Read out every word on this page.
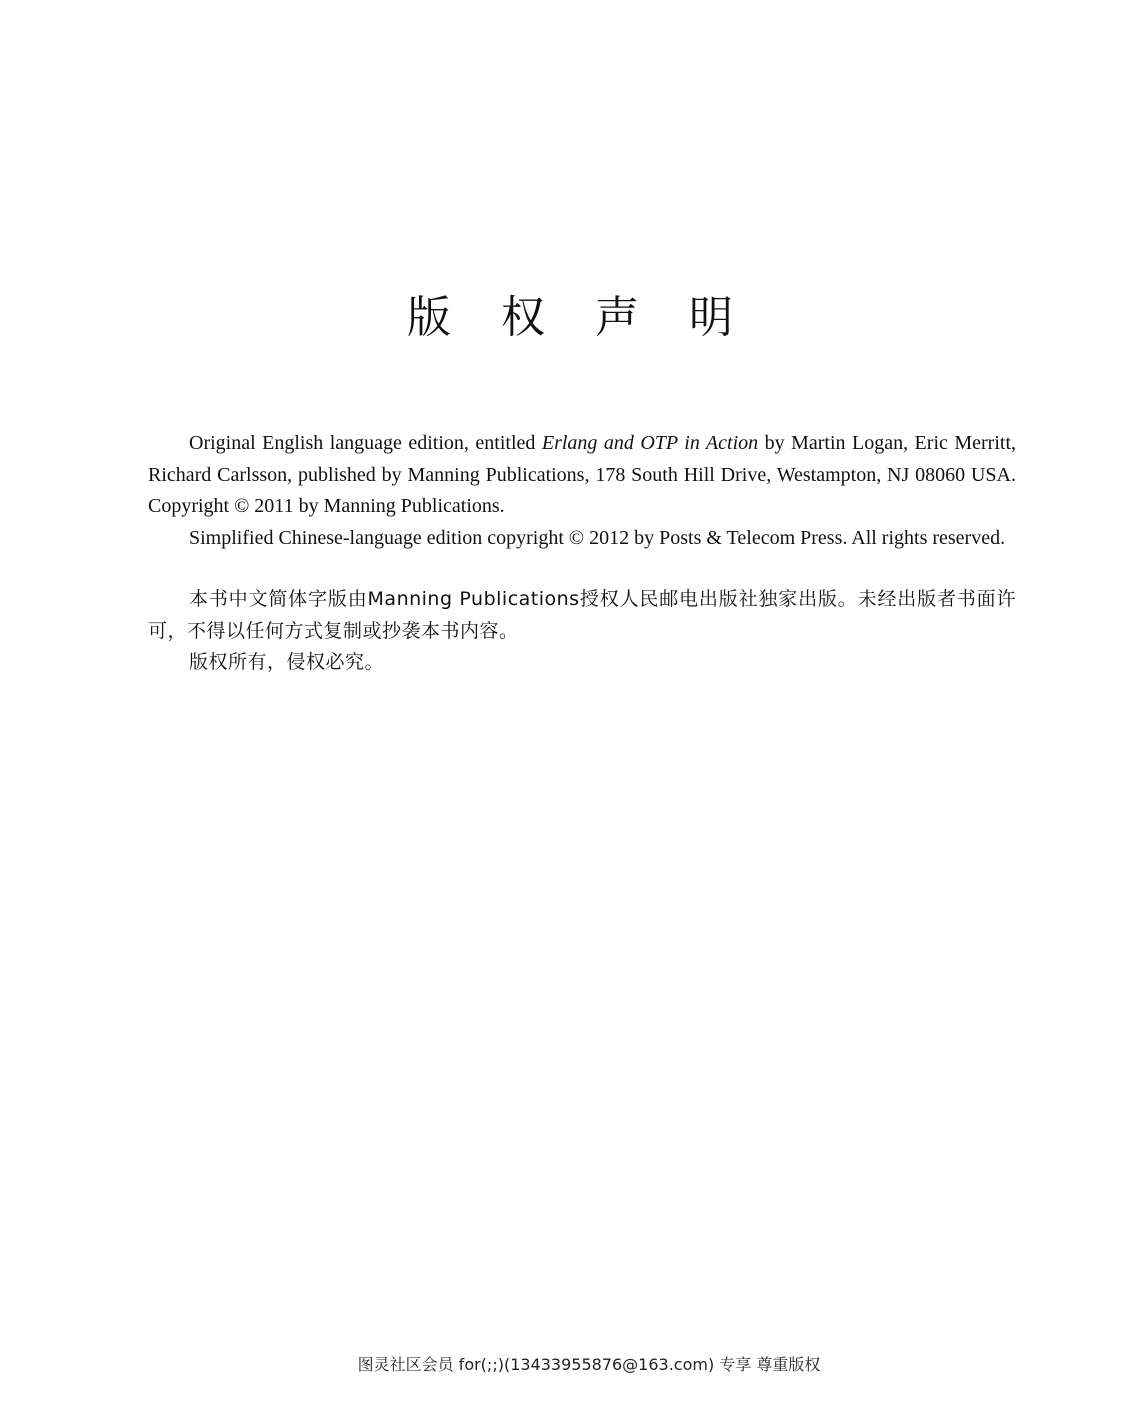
版 权 声 明

Original English language edition, entitled Erlang and OTP in Action by Martin Logan, Eric Merritt, Richard Carlsson, published by Manning Publications, 178 South Hill Drive, Westampton, NJ 08060 USA. Copyright © 2011 by Manning Publications.

Simplified Chinese-language edition copyright © 2012 by Posts & Telecom Press. All rights reserved.

本书中文简体字版由Manning Publications授权人民邮电出版社独家出版。未经出版者书面许可，不得以任何方式复制或抄袭本书内容。

版权所有，侵权必究。

图灵社区会员 for(;;)(13433955876@163.com) 专享 尊重版权
